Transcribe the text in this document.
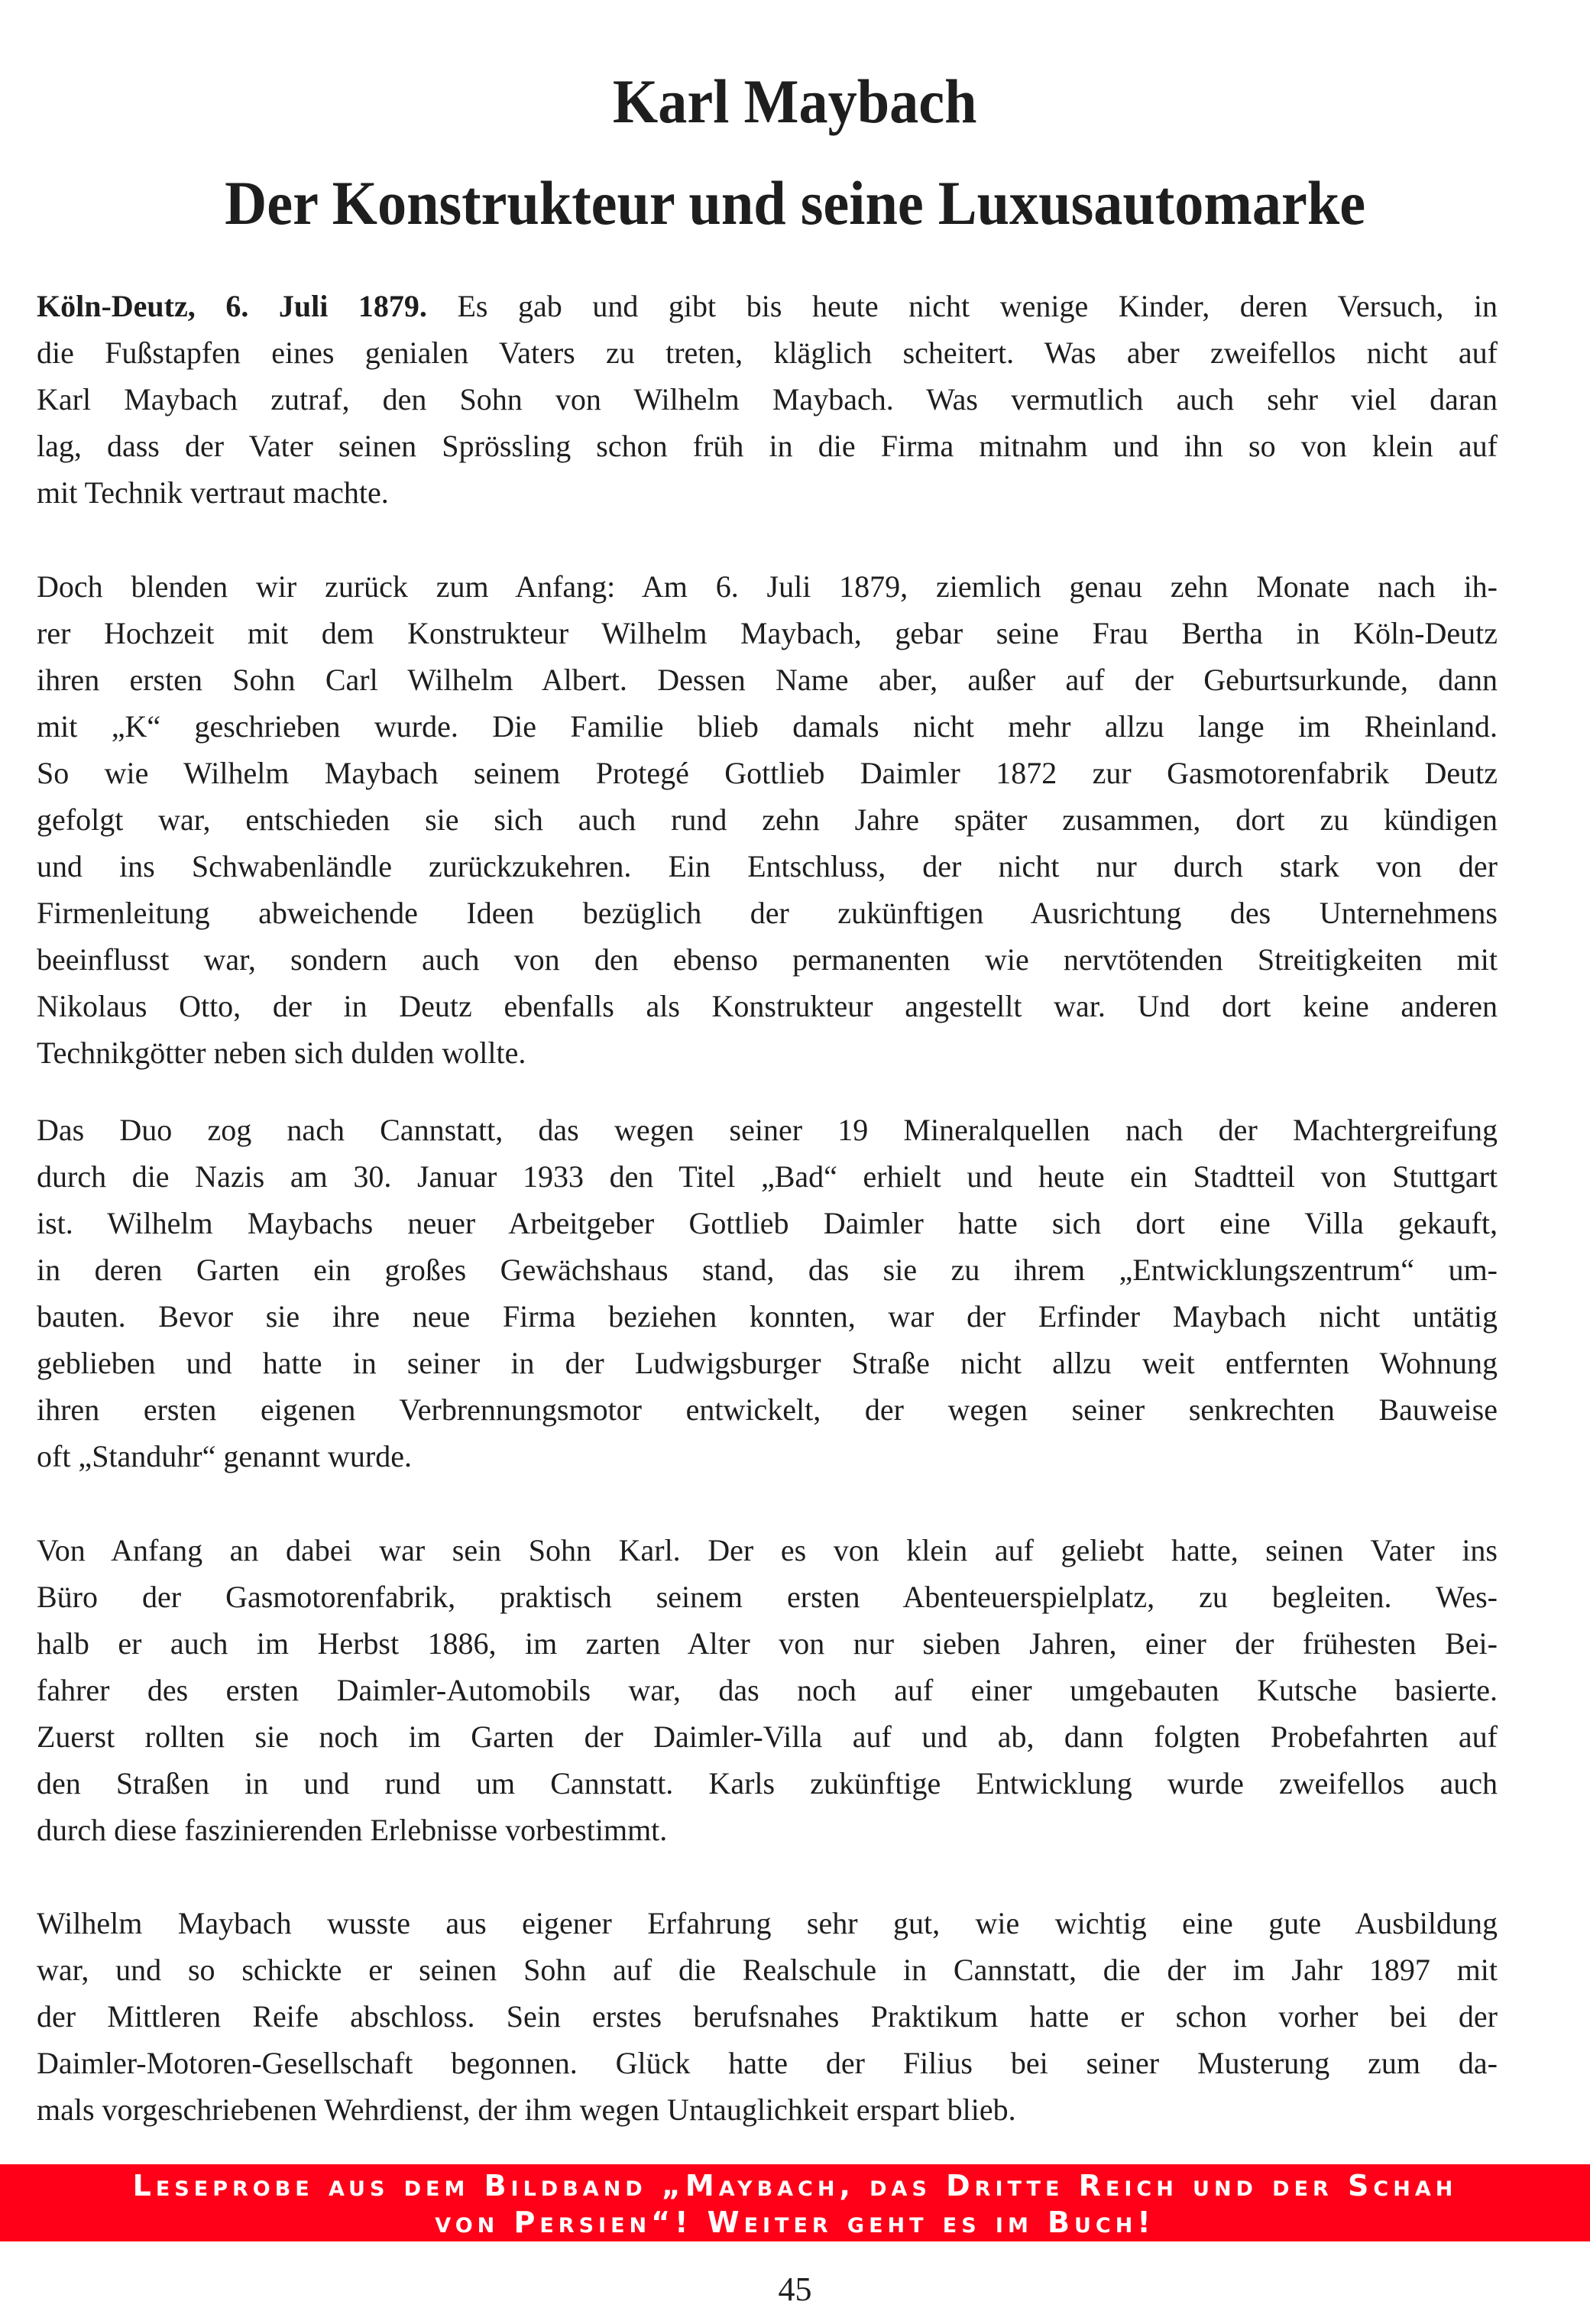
Karl Maybach
Der Konstrukteur und seine Luxusautomarke
Köln-Deutz, 6. Juli 1879. Es gab und gibt bis heute nicht wenige Kinder, deren Versuch, in
die Fußstapfen eines genialen Vaters zu treten, kläglich scheitert. Was aber zweifellos nicht auf
Karl Maybach zutraf, den Sohn von Wilhelm Maybach. Was vermutlich auch sehr viel daran
lag, dass der Vater seinen Sprössling schon früh in die Firma mitnahm und ihn so von klein auf
mit Technik vertraut machte.
Doch blenden wir zurück zum Anfang: Am 6. Juli 1879, ziemlich genau zehn Monate nach ih-
rer Hochzeit mit dem Konstrukteur Wilhelm Maybach, gebar seine Frau Bertha in Köln-Deutz
ihren ersten Sohn Carl Wilhelm Albert. Dessen Name aber, außer auf der Geburtsurkunde, dann
mit „K“ geschrieben wurde. Die Familie blieb damals nicht mehr allzu lange im Rheinland.
So wie Wilhelm Maybach seinem Protegé Gottlieb Daimler 1872 zur Gasmotorenfabrik Deutz
gefolgt war, entschieden sie sich auch rund zehn Jahre später zusammen, dort zu kündigen
und ins Schwabenländle zurückzukehren. Ein Entschluss, der nicht nur durch stark von der
Firmenleitung abweichende Ideen bezüglich der zukünftigen Ausrichtung des Unternehmens
beeinflusst war, sondern auch von den ebenso permanenten wie nervtötenden Streitigkeiten mit
Nikolaus Otto, der in Deutz ebenfalls als Konstrukteur angestellt war. Und dort keine anderen
Technikgötter neben sich dulden wollte.
Das Duo zog nach Cannstatt, das wegen seiner 19 Mineralquellen nach der Machtergreifung
durch die Nazis am 30. Januar 1933 den Titel „Bad“ erhielt und heute ein Stadtteil von Stuttgart
ist. Wilhelm Maybachs neuer Arbeitgeber Gottlieb Daimler hatte sich dort eine Villa gekauft,
in deren Garten ein großes Gewächshaus stand, das sie zu ihrem „Entwicklungszentrum“ um-
bauten. Bevor sie ihre neue Firma beziehen konnten, war der Erfinder Maybach nicht untätig
geblieben und hatte in seiner in der Ludwigsburger Straße nicht allzu weit entfernten Wohnung
ihren ersten eigenen Verbrennungsmotor entwickelt, der wegen seiner senkrechten Bauweise
oft „Standuhr“ genannt wurde.
Von Anfang an dabei war sein Sohn Karl. Der es von klein auf geliebt hatte, seinen Vater ins
Büro der Gasmotorenfabrik, praktisch seinem ersten Abenteuerspielplatz, zu begleiten. Wes-
halb er auch im Herbst 1886, im zarten Alter von nur sieben Jahren, einer der frühesten Bei-
fahrer des ersten Daimler-Automobils war, das noch auf einer umgebauten Kutsche basierte.
Zuerst rollten sie noch im Garten der Daimler-Villa auf und ab, dann folgten Probefahrten auf
den Straßen in und rund um Cannstatt. Karls zukünftige Entwicklung wurde zweifellos auch
durch diese faszinierenden Erlebnisse vorbestimmt.
Wilhelm Maybach wusste aus eigener Erfahrung sehr gut, wie wichtig eine gute Ausbildung
war, und so schickte er seinen Sohn auf die Realschule in Cannstatt, die der im Jahr 1897 mit
der Mittleren Reife abschloss. Sein erstes berufsnahes Praktikum hatte er schon vorher bei der
Daimler-Motoren-Gesellschaft begonnen. Glück hatte der Filius bei seiner Musterung zum da-
mals vorgeschriebenen Wehrdienst, der ihm wegen Untauglichkeit erspart blieb.
Leseprobe aus dem Bildband „Maybach, das Dritte Reich und der Schah
von Persien“! Weiter geht es im Buch!
45
